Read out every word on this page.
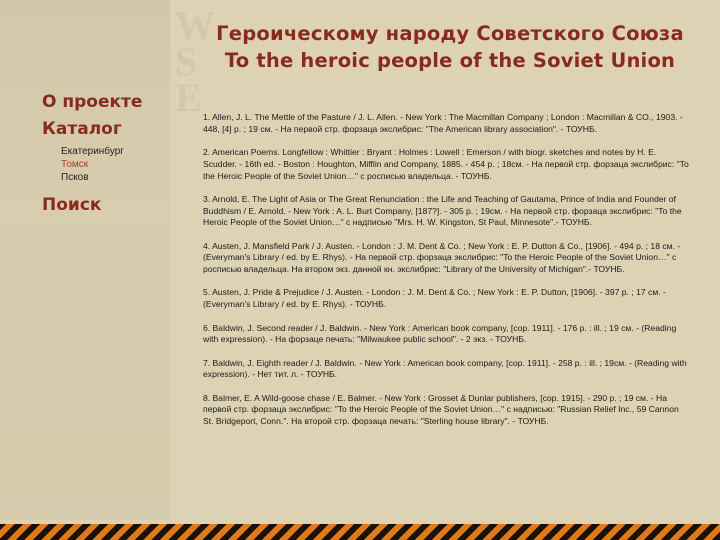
W
S
E
Героическому народу Советского Союза
To the heroic people of the Soviet Union
О проекте
Каталог
Екатеринбург
Томск
Псков
Поиск

1. Allen, J. L. The Mettle of the Pasture / J. L. Allen. - New York : The Macmillan Company ; London : Macmillan & CO., 1903. - 448, [4] p. ; 19 см. - На первой стр. форзаца экслибрис: "The American library association". - ТОУНБ.

2. American Poems. Longfellow : Whittier : Bryant : Holmes : Lowell : Emerson / with biogr. sketches and notes by H. E. Scudder. - 16th ed. - Boston : Houghton, Mifflin and Company, 1885. - 454 p. ; 18см. - На первой стр. форзаца экслибрис: "To the Heroic People of the Soviet Union…" с росписью владельца. - ТОУНБ.

3. Arnold, E. The Light of Asia or The Great Renunciation : the Life and Teaching of Gautama, Prince of India and Founder of Buddhism / E. Arnold. - New York : A. L. Burt Company, [187?]. - 305 p. ; 19см. - На первой стр. форзаца экслибрис: "To the Heroic People of the Soviet Union…" с надписью "Mrs. H. W. Kingston, St Paul, Minnesote".- ТОУНБ.

4. Austen, J. Mansfield Park / J. Austen. - London : J. M. Dent & Co. ; New York : E. P. Dutton & Co., [1906]. - 494 p. ; 18 см. - (Everyman's Library / ed. by E. Rhys). - На первой стр. форзаца экслибрис: "To the Heroic People of the Soviet Union…" с росписью владельца. На втором экз. данной кн. экслибрис: "Library of the University of Michigan".- ТОУНБ.

5. Austen, J. Pride & Prejudice / J. Austen. - London : J. M. Dent & Co. ; New York : E. P. Dutton, [1906]. - 397 p. ; 17 см. - (Everyman's Library / ed. by E. Rhys). - ТОУНБ.

6. Baldwin, J. Second reader / J. Baldwin. - New York : American book company, [cop. 1911]. - 176 p. : ill. ; 19 см. - (Reading with expression). - На форзаце печать: "Milwaukee public school". - 2 экз. - ТОУНБ.

7. Baldwin, J. Eighth reader / J. Baldwin. - New York : American book company, [cop. 1911]. - 258 p. : ill. ; 19см. - (Reading with expression). - Нет тит. л. - ТОУНБ.

8. Balmer, E. A Wild-goose chase / E. Balmer. - New York : Grosset & Dunlar publishers, [cop. 1915]. - 290 p. ; 19 см. - На первой стр. форзаца экслибрис: "To the Heroic People of the Soviet Union…" с надписью: "Russian Relief Inc., 59 Cannon St. Bridgeport, Conn.". На второй стр. форзаца печать: "Sterling house library". - ТОУНБ.
